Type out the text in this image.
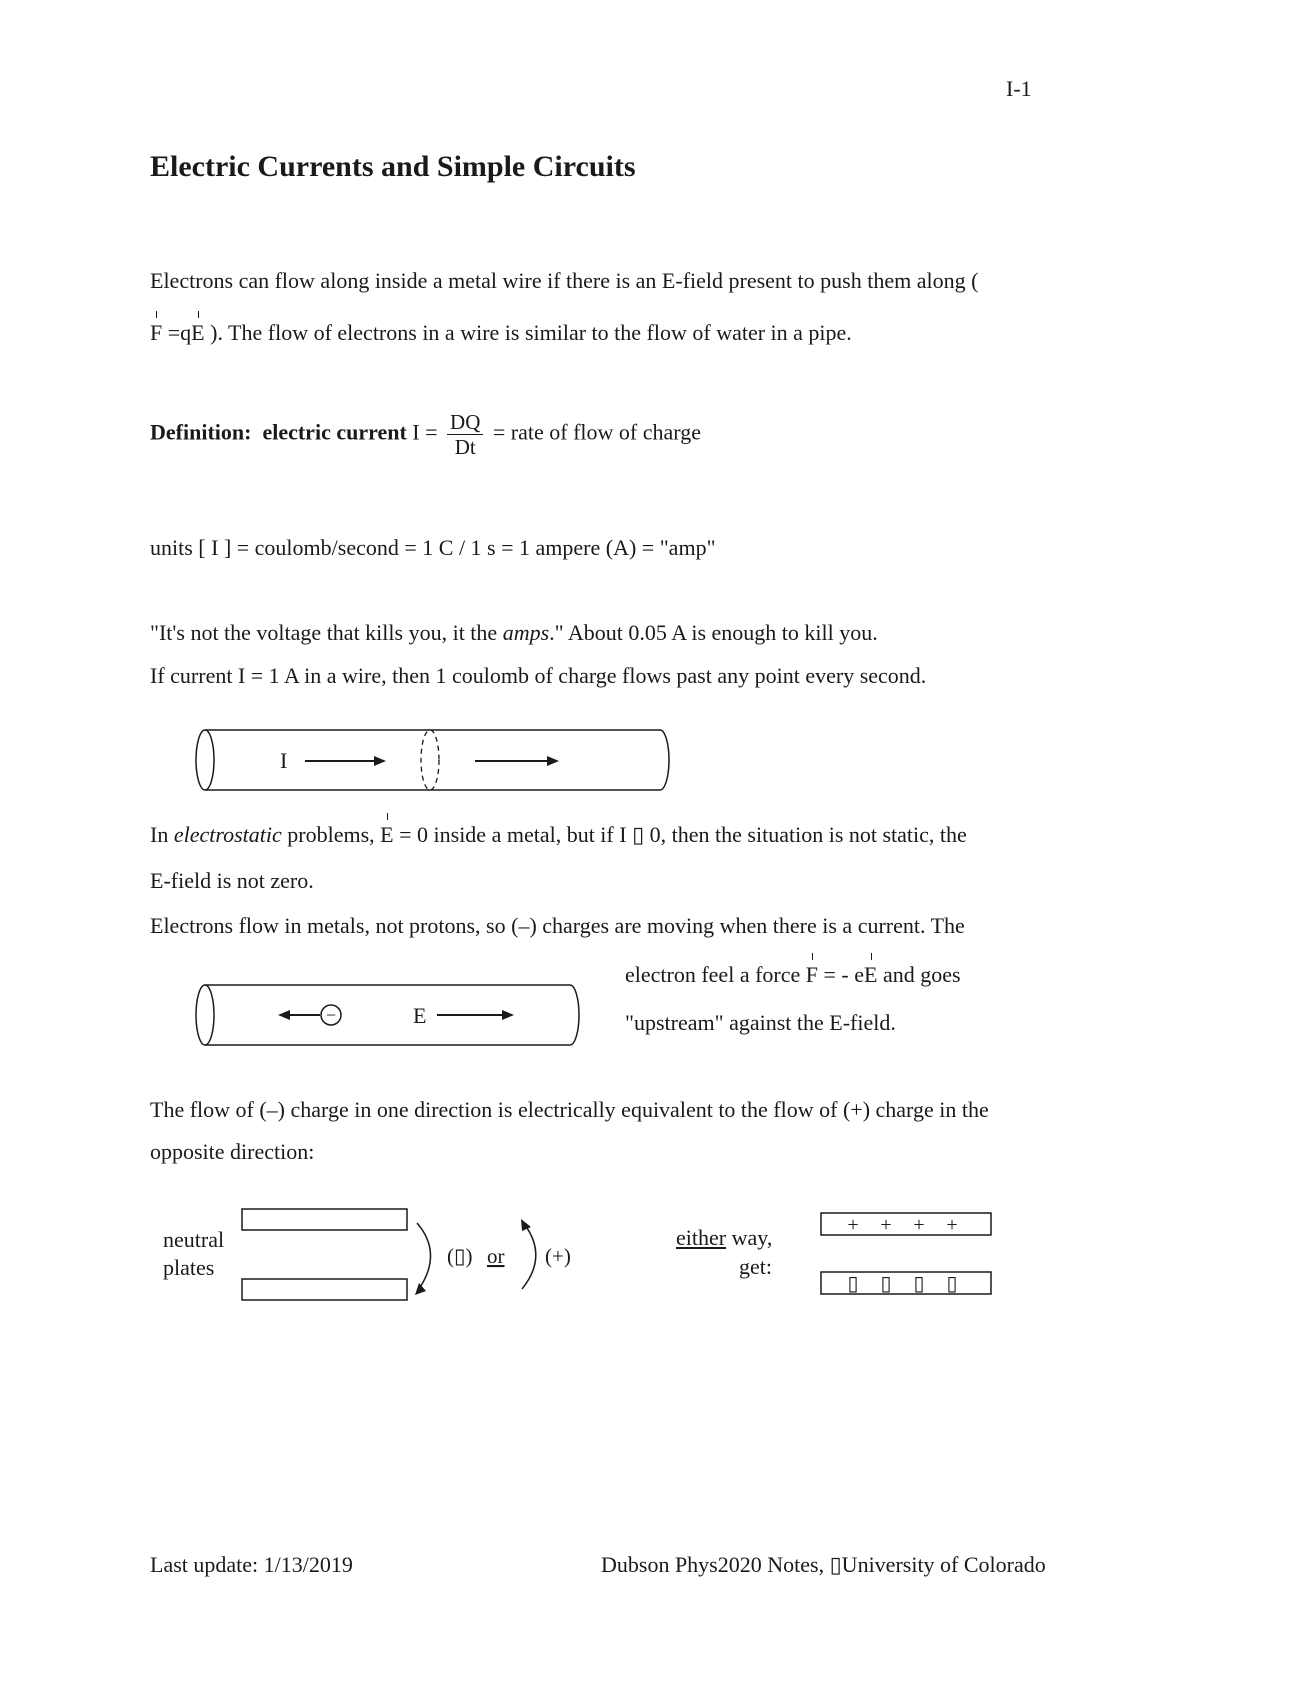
I-1
Electric Currents and Simple Circuits
Electrons can flow along inside a metal wire if there is an E-field present to push them along (
F =qE ). The flow of electrons in a wire is similar to the flow of water in a pipe.
Definition: electric current $I = \frac{DQ}{Dt}$ = rate of flow of charge
units [ I ] = coulomb/second = 1 C / 1 s = 1 ampere (A) = "amp"
"It's not the voltage that kills you, it the amps." About 0.05 A is enough to kill you.
If current I = 1 A in a wire, then 1 coulomb of charge flows past any point every second.
I
In electrostatic problems, E = 0 inside a metal, but if I ▯ 0, then the situation is not static, the
E-field is not zero.
Electrons flow in metals, not protons, so (–) charges are moving when there is a current. The
−	E
electron feel a force F = - eE and goes
"upstream" against the E-field.
The flow of (–) charge in one direction is electrically equivalent to the flow of (+) charge in the
opposite direction:
neutral
plates	(▯) or (+)
either way,
get:
+ + + +
▯ ▯ ▯ ▯
Last update: 1/13/2019	Dubson Phys2020 Notes, ▯University of Colorado
